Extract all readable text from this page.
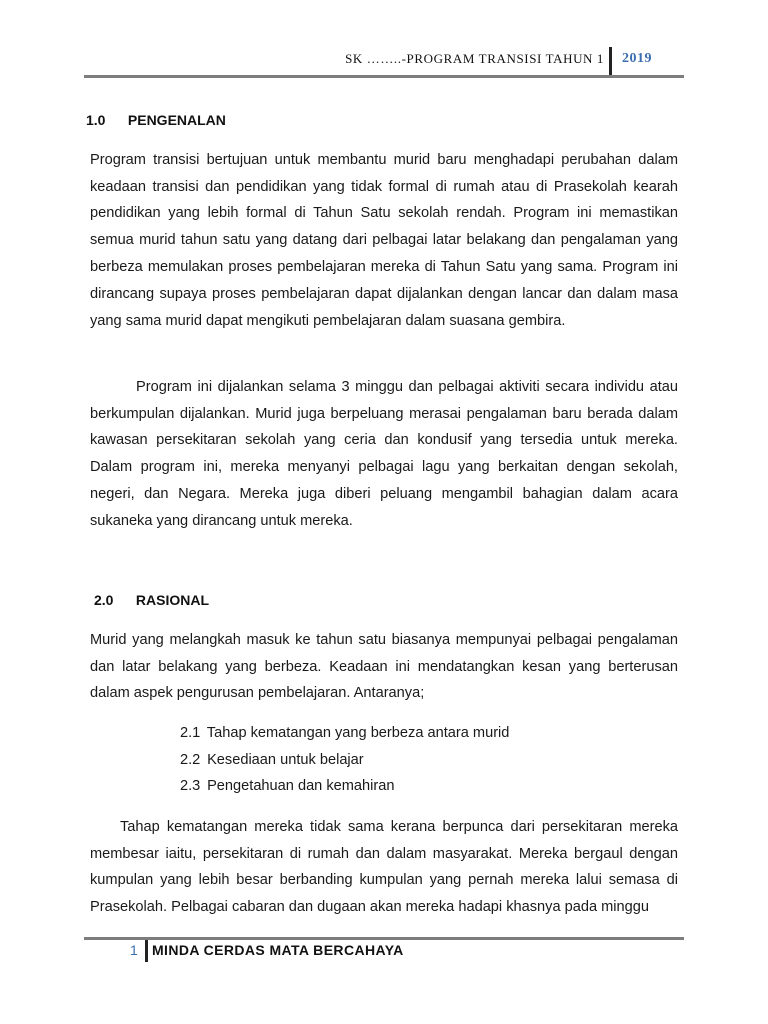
SK ……..-PROGRAM TRANSISI TAHUN 1 2019
1.0 PENGENALAN

Program transisi bertujuan untuk membantu murid baru menghadapi perubahan dalam keadaan transisi dan pendidikan yang tidak formal di rumah atau di Prasekolah kearah pendidikan yang lebih formal di Tahun Satu sekolah rendah. Program ini memastikan semua murid tahun satu yang datang dari pelbagai latar belakang dan pengalaman yang berbeza memulakan proses pembelajaran mereka di Tahun Satu yang sama. Program ini dirancang supaya proses pembelajaran dapat dijalankan dengan lancar dan dalam masa yang sama murid dapat mengikuti pembelajaran dalam suasana gembira.

Program ini dijalankan selama 3 minggu dan pelbagai aktiviti secara individu atau berkumpulan dijalankan. Murid juga berpeluang merasai pengalaman baru berada dalam kawasan persekitaran sekolah yang ceria dan kondusif yang tersedia untuk mereka. Dalam program ini, mereka menyanyi pelbagai lagu yang berkaitan dengan sekolah, negeri, dan Negara. Mereka juga diberi peluang mengambil bahagian dalam acara sukaneka yang dirancang untuk mereka.

2.0 RASIONAL

Murid yang melangkah masuk ke tahun satu biasanya mempunyai pelbagai pengalaman dan latar belakang yang berbeza. Keadaan ini mendatangkan kesan yang berterusan dalam aspek pengurusan pembelajaran. Antaranya;

2.1 Tahap kematangan yang berbeza antara murid
2.2 Kesediaan untuk belajar
2.3 Pengetahuan dan kemahiran

Tahap kematangan mereka tidak sama kerana berpunca dari persekitaran mereka membesar iaitu, persekitaran di rumah dan dalam masyarakat. Mereka bergaul dengan kumpulan yang lebih besar berbanding kumpulan yang pernah mereka lalui semasa di Prasekolah. Pelbagai cabaran dan dugaan akan mereka hadapi khasnya pada minggu

1 MINDA CERDAS MATA BERCAHAYA
